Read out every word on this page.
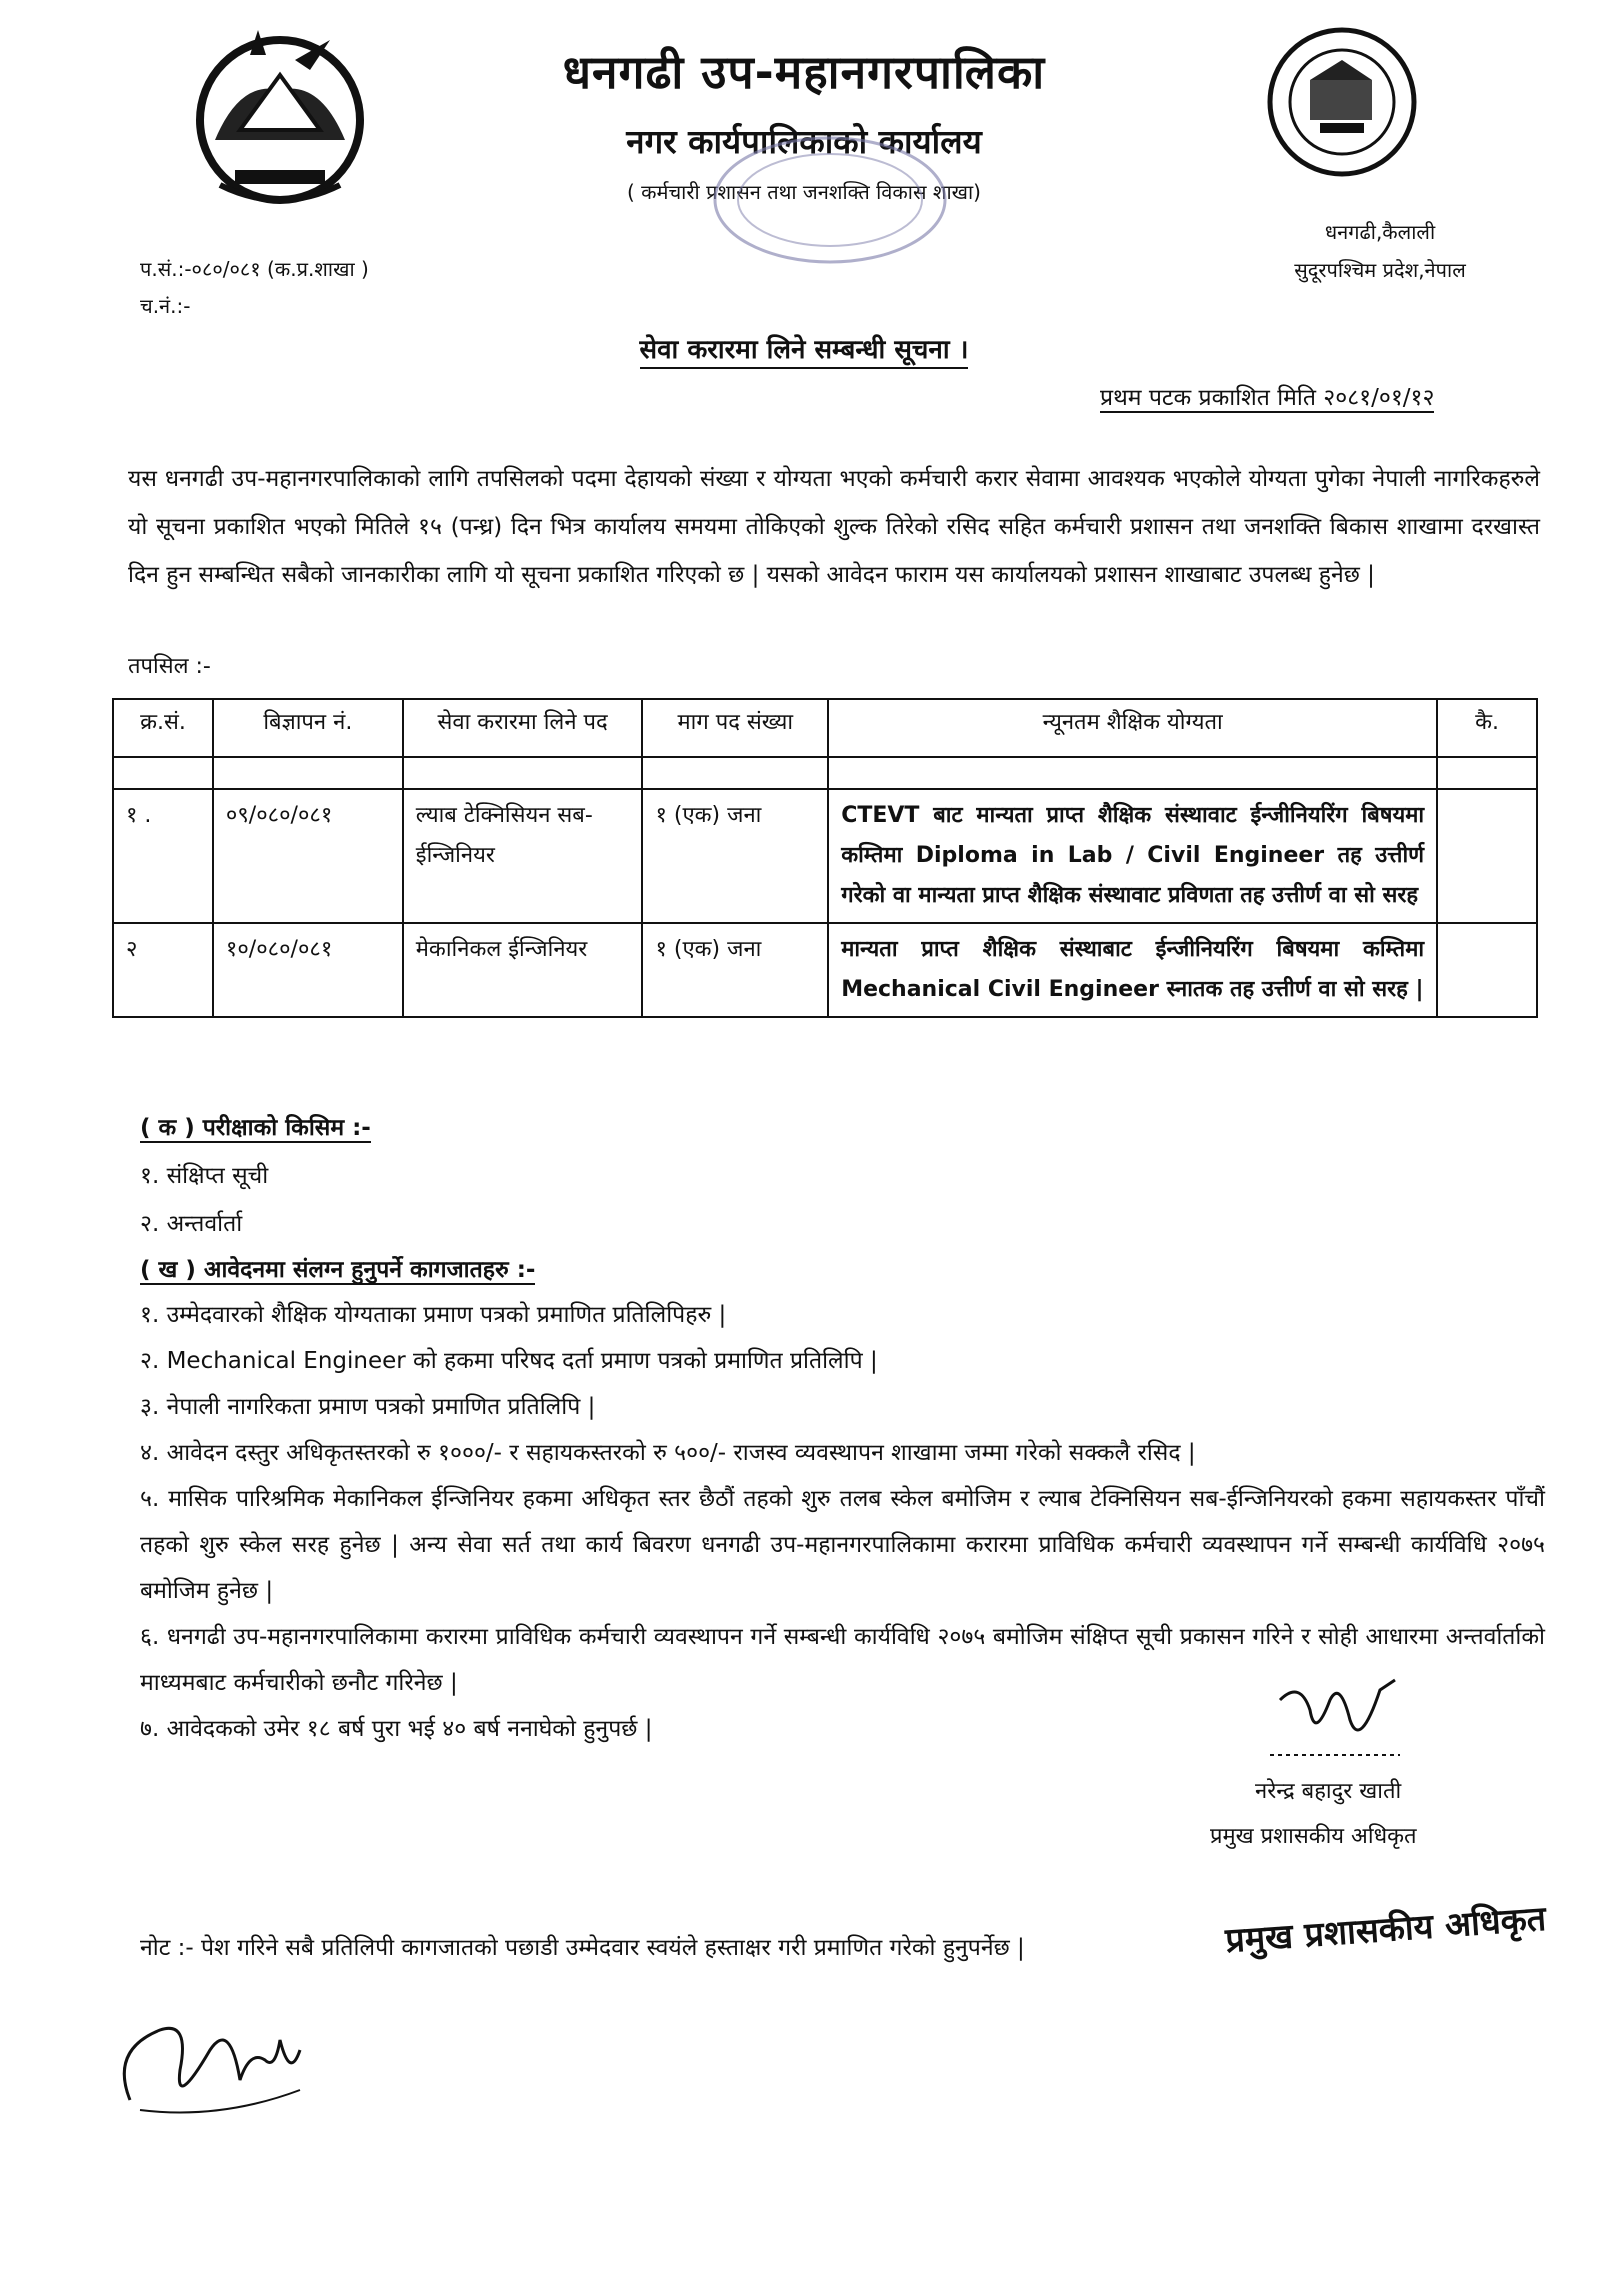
धनगढी उप-महानगरपालिका
नगर कार्यपालिकाको कार्यालय
( कर्मचारी प्रशासन तथा जनशक्ति विकास शाखा)
धनगढी,कैलाली
सुदूरपश्चिम प्रदेश,नेपाल
प.सं.:-०८०/०८१ (क.प्र.शाखा )
च.नं.:-
सेवा करारमा लिने सम्बन्धी सूचना ।
प्रथम पटक प्रकाशित मिति २०८१/०१/१२
यस धनगढी उप-महानगरपालिकाको लागि तपसिलको पदमा देहायको संख्या र योग्यता भएको कर्मचारी करार सेवामा आवश्यक भएकोले योग्यता पुगेका नेपाली नागरिकहरुले यो सूचना प्रकाशित भएको मितिले १५ (पन्ध्र) दिन भित्र कार्यालय समयमा तोकिएको शुल्क तिरेको रसिद सहित कर्मचारी प्रशासन तथा जनशक्ति बिकास शाखामा दरखास्त दिन हुन सम्बन्धित सबैको जानकारीका लागि यो सूचना प्रकाशित गरिएको छ | यसको आवेदन फाराम यस कार्यालयको प्रशासन शाखाबाट उपलब्ध हुनेछ |
तपसिल :-
क्र.सं.	बिज्ञापन नं.	सेवा करारमा लिने पद	माग पद संख्या	न्यूनतम शैक्षिक योग्यता	कै.

१ .	०९/०८०/०८१	ल्याब टेक्निसियन सब-ईन्जिनियर	१ (एक) जना	CTEVT बाट मान्यता प्राप्त शैक्षिक संस्थावाट ईन्जीनियरिंग बिषयमा कम्तिमा Diploma in Lab / Civil Engineer तह उत्तीर्ण गरेको वा मान्यता प्राप्त शैक्षिक संस्थावाट प्रविणता तह उत्तीर्ण वा सो सरह	
२	१०/०८०/०८१	मेकानिकल ईन्जिनियर	१ (एक) जना	मान्यता प्राप्त शैक्षिक संस्थाबाट ईन्जीनियरिंग बिषयमा कम्तिमा Mechanical Civil Engineer स्नातक तह उत्तीर्ण वा सो सरह |	
( क ) परीक्षाको किसिम :-
१. संक्षिप्त सूची
२. अन्तर्वार्ता
( ख ) आवेदनमा संलग्न हुनुपर्ने कागजातहरु :-
१. उम्मेदवारको शैक्षिक योग्यताका प्रमाण पत्रको प्रमाणित प्रतिलिपिहरु |
२. Mechanical Engineer को हकमा परिषद दर्ता प्रमाण पत्रको प्रमाणित प्रतिलिपि |
३. नेपाली नागरिकता प्रमाण पत्रको प्रमाणित प्रतिलिपि |
४. आवेदन दस्तुर अधिकृतस्तरको रु १०००/- र सहायकस्तरको रु ५००/- राजस्व व्यवस्थापन शाखामा जम्मा गरेको सक्कलै रसिद |
५. मासिक पारिश्रमिक मेकानिकल ईन्जिनियर हकमा अधिकृत स्तर छैठौं तहको शुरु तलब स्केल बमोजिम र ल्याब टेक्निसियन सब-ईन्जिनियरको हकमा सहायकस्तर पाँचौं तहको शुरु स्केल सरह हुनेछ | अन्य सेवा सर्त तथा कार्य बिवरण धनगढी उप-महानगरपालिकामा करारमा प्राविधिक कर्मचारी व्यवस्थापन गर्ने सम्बन्धी कार्यविधि २०७५ बमोजिम हुनेछ |
६. धनगढी उप-महानगरपालिकामा करारमा प्राविधिक कर्मचारी व्यवस्थापन गर्ने सम्बन्धी कार्यविधि २०७५ बमोजिम संक्षिप्त सूची प्रकासन गरिने र सोही आधारमा अन्तर्वार्ताको माध्यमबाट कर्मचारीको छनौट गरिनेछ |
७. आवेदकको उमेर १८ बर्ष पुरा भई ४० बर्ष ननाघेको हुनुपर्छ |
नरेन्द्र बहादुर खाती
प्रमुख प्रशासकीय अधिकृत
प्रमुख प्रशासकीय अधिकृत
नोट :- पेश गरिने सबै प्रतिलिपी कागजातको पछाडी उम्मेदवार स्वयंले हस्ताक्षर गरी प्रमाणित गरेको हुनुपर्नेछ |
